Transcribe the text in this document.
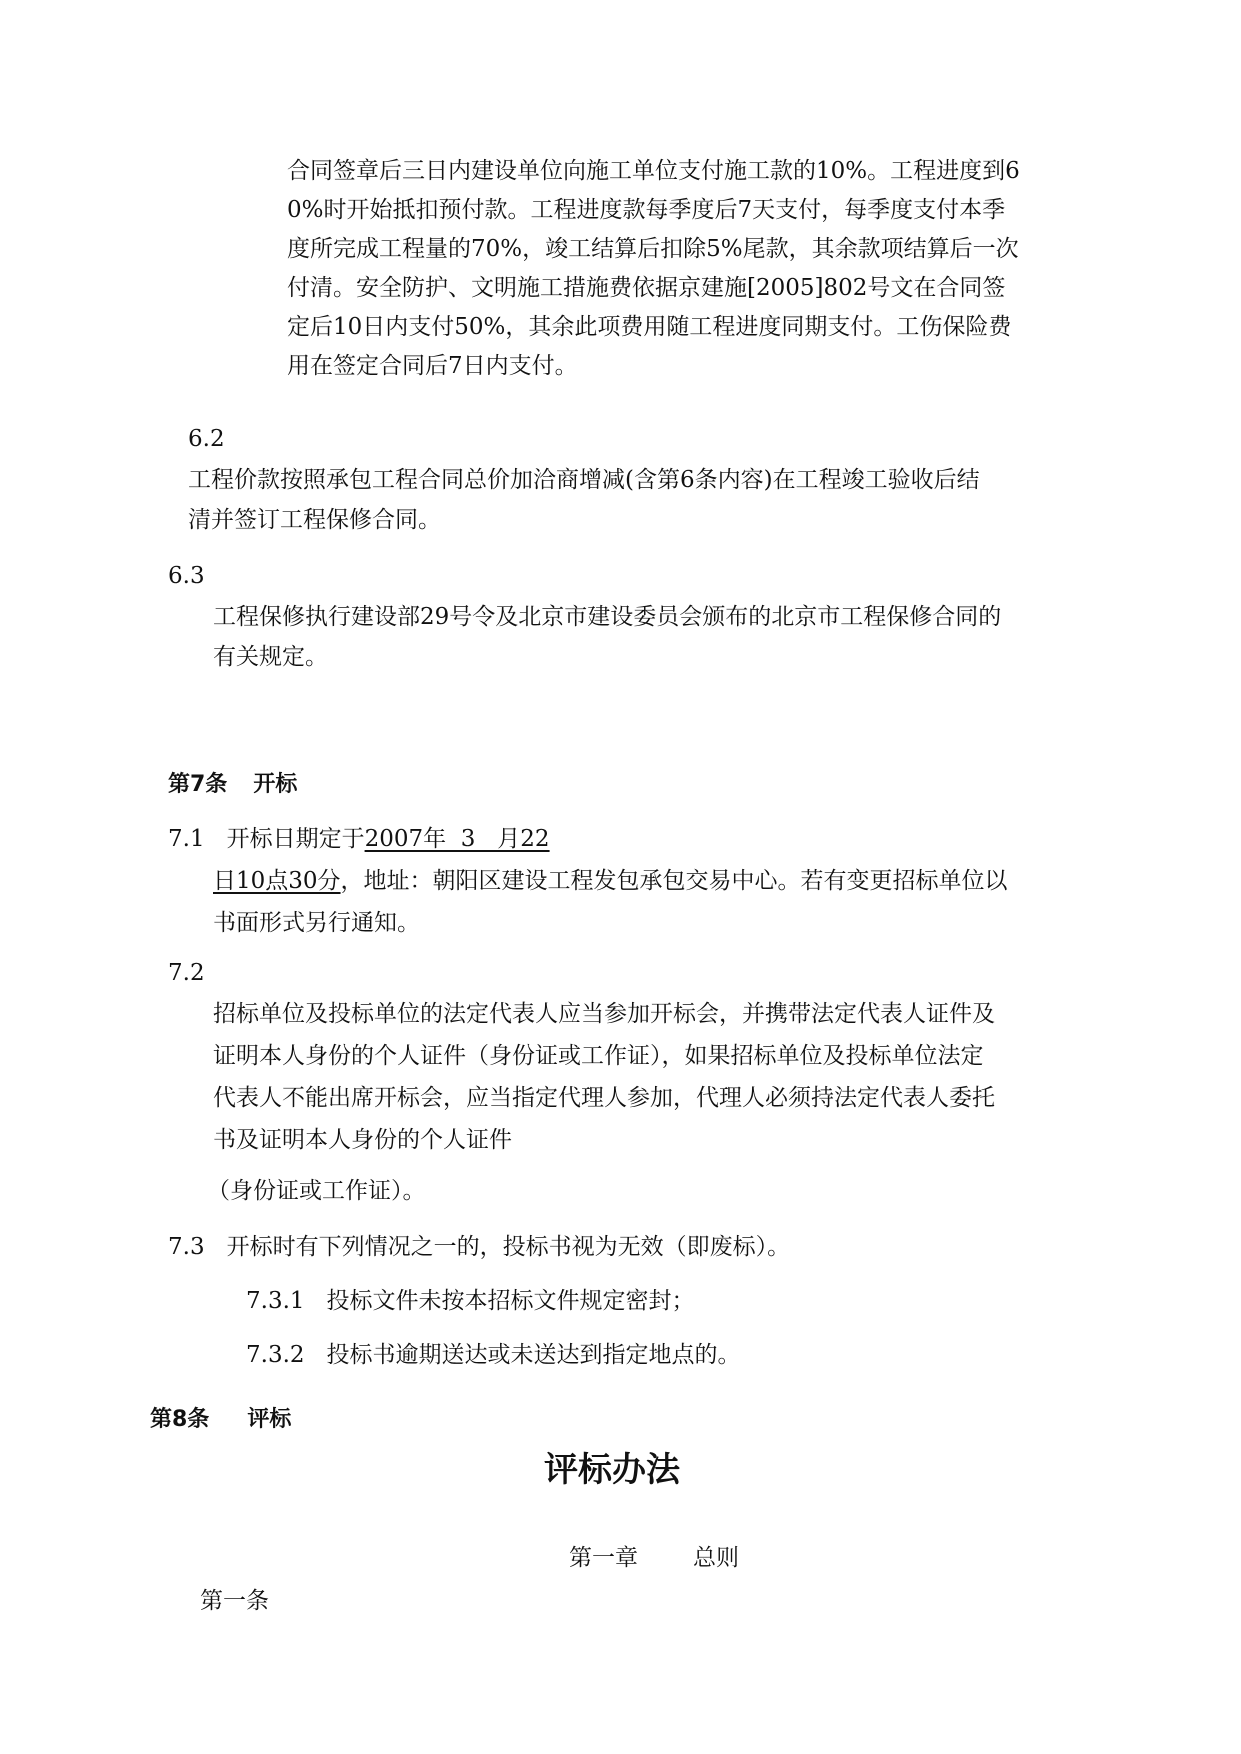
合同签章后三日内建设单位向施工单位支付施工款的10%。工程进度到6
0%时开始抵扣预付款。工程进度款每季度后7天支付，每季度支付本季
度所完成工程量的70%，竣工结算后扣除5%尾款，其余款项结算后一次
付清。安全防护、文明施工措施费依据京建施[2005]802号文在合同签
定后10日内支付50%，其余此项费用随工程进度同期支付。工伤保险费
用在签定合同后7日内支付。
6.2
工程价款按照承包工程合同总价加洽商增减(含第6条内容)在工程竣工验收后结
清并签订工程保修合同。
6.3
工程保修执行建设部29号令及北京市建设委员会颁布的北京市工程保修合同的
有关规定。
第7条 开标
7.1 开标日期定于2007年  3   月22
日10点30分，地址：朝阳区建设工程发包承包交易中心。若有变更招标单位以
书面形式另行通知。
7.2
招标单位及投标单位的法定代表人应当参加开标会，并携带法定代表人证件及
证明本人身份的个人证件（身份证或工作证），如果招标单位及投标单位法定
代表人不能出席开标会，应当指定代理人参加，代理人必须持法定代表人委托
书及证明本人身份的个人证件
（身份证或工作证）。
7.3 开标时有下列情况之一的，投标书视为无效（即废标）。
7.3.1 投标文件未按本招标文件规定密封；
7.3.2 投标书逾期送达或未送达到指定地点的。
第8条 评标
评标办法
第一章 总则
第一条
